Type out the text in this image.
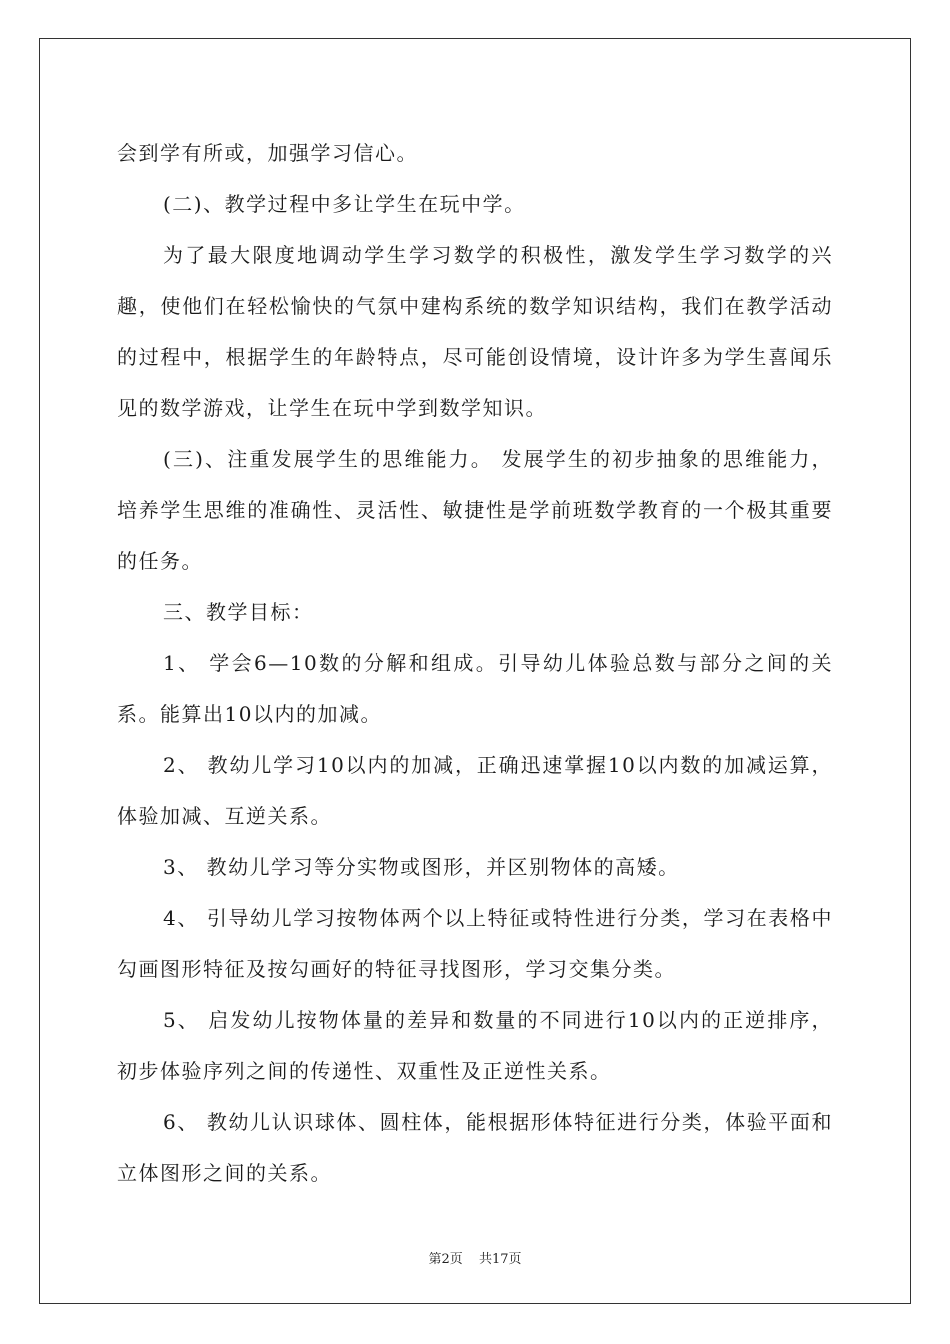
会到学有所或，加强学习信心。

(二)、教学过程中多让学生在玩中学。

为了最大限度地调动学生学习数学的积极性，激发学生学习数学的兴趣，使他们在轻松愉快的气氛中建构系统的数学知识结构，我们在教学活动的过程中，根据学生的年龄特点，尽可能创设情境，设计许多为学生喜闻乐见的数学游戏，让学生在玩中学到数学知识。

(三)、注重发展学生的思维能力。 发展学生的初步抽象的思维能力，培养学生思维的准确性、灵活性、敏捷性是学前班数学教育的一个极其重要的任务。

三、教学目标：

1、 学会6—10数的分解和组成。引导幼儿体验总数与部分之间的关系。能算出10以内的加减。

2、 教幼儿学习10以内的加减，正确迅速掌握10以内数的加减运算，体验加减、互逆关系。

3、 教幼儿学习等分实物或图形，并区别物体的高矮。

4、 引导幼儿学习按物体两个以上特征或特性进行分类，学习在表格中勾画图形特征及按勾画好的特征寻找图形，学习交集分类。

5、 启发幼儿按物体量的差异和数量的不同进行10以内的正逆排序，初步体验序列之间的传递性、双重性及正逆性关系。

6、 教幼儿认识球体、圆柱体，能根据形体特征进行分类，体验平面和立体图形之间的关系。

第2页 共17页
